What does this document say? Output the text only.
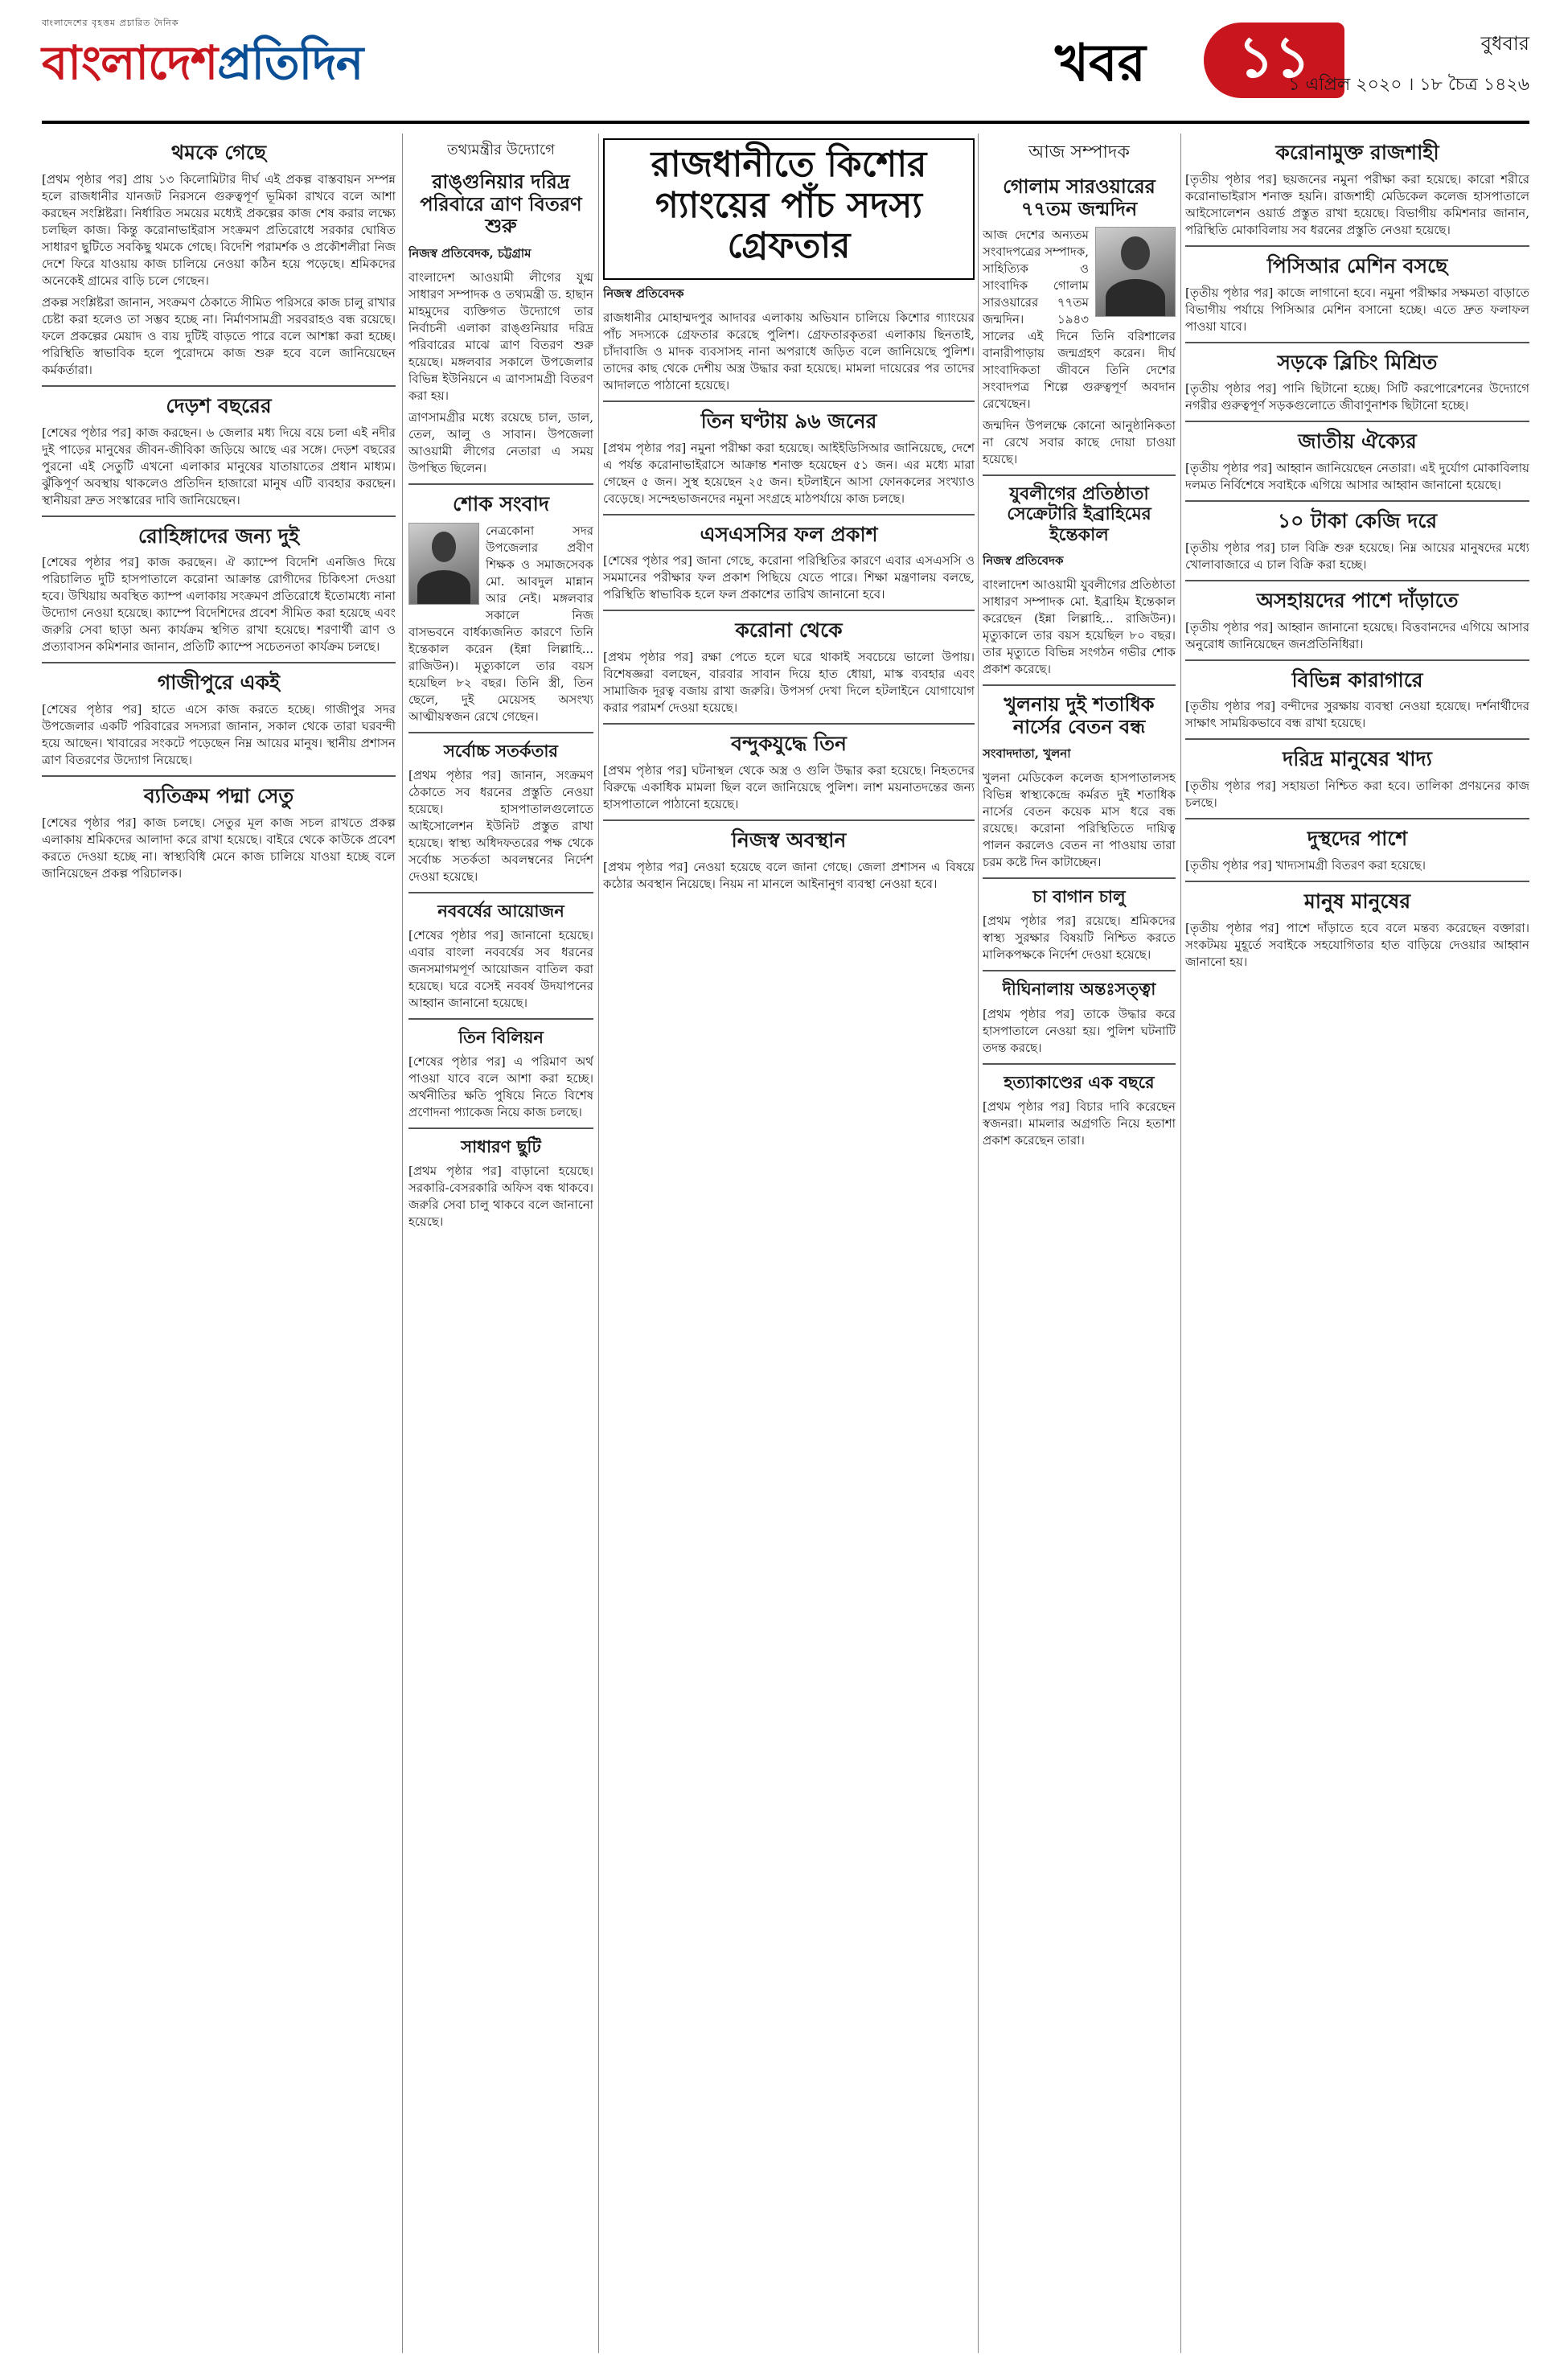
বাংলাদেশের বৃহত্তম প্রচারিত দৈনিক
বাংলাদেশপ্রতিদিন	খবর	১১	বুধবার
১ এপ্রিল ২০২০ । ১৮ চৈত্র ১৪২৬
থমকে গেছে

[প্রথম পৃষ্ঠার পর] প্রায় ১৩ কিলোমিটার দীর্ঘ এই প্রকল্প বাস্তবায়ন সম্পন্ন হলে রাজধানীর যানজট নিরসনে গুরুত্বপূর্ণ ভূমিকা রাখবে বলে আশা করছেন সংশ্লিষ্টরা। নির্ধারিত সময়ের মধ্যেই প্রকল্পের কাজ শেষ করার লক্ষ্যে চলছিল কাজ। কিন্তু করোনাভাইরাস সংক্রমণ প্রতিরোধে সরকার ঘোষিত সাধারণ ছুটিতে সবকিছু থমকে গেছে। বিদেশি পরামর্শক ও প্রকৌশলীরা নিজ দেশে ফিরে যাওয়ায় কাজ চালিয়ে নেওয়া কঠিন হয়ে পড়েছে। শ্রমিকদের অনেকেই গ্রামের বাড়ি চলে গেছেন।

প্রকল্প সংশ্লিষ্টরা জানান, সংক্রমণ ঠেকাতে সীমিত পরিসরে কাজ চালু রাখার চেষ্টা করা হলেও তা সম্ভব হচ্ছে না। নির্মাণসামগ্রী সরবরাহও বন্ধ রয়েছে। ফলে প্রকল্পের মেয়াদ ও ব্যয় দুটিই বাড়তে পারে বলে আশঙ্কা করা হচ্ছে। পরিস্থিতি স্বাভাবিক হলে পুরোদমে কাজ শুরু হবে বলে জানিয়েছেন কর্মকর্তারা।

দেড়শ বছরের

[শেষের পৃষ্ঠার পর] কাজ করছেন। ৬ জেলার মধ্য দিয়ে বয়ে চলা এই নদীর দুই পাড়ের মানুষের জীবন-জীবিকা জড়িয়ে আছে এর সঙ্গে। দেড়শ বছরের পুরনো এই সেতুটি এখনো এলাকার মানুষের যাতায়াতের প্রধান মাধ্যম। ঝুঁকিপূর্ণ অবস্থায় থাকলেও প্রতিদিন হাজারো মানুষ এটি ব্যবহার করছেন। স্থানীয়রা দ্রুত সংস্কারের দাবি জানিয়েছেন।

রোহিঙ্গাদের জন্য দুই

[শেষের পৃষ্ঠার পর] কাজ করছেন। ঐ ক্যাম্পে বিদেশি এনজিও দিয়ে পরিচালিত দুটি হাসপাতালে করোনা আক্রান্ত রোগীদের চিকিৎসা দেওয়া হবে। উখিয়ায় অবস্থিত ক্যাম্প এলাকায় সংক্রমণ প্রতিরোধে ইতোমধ্যে নানা উদ্যোগ নেওয়া হয়েছে। ক্যাম্পে বিদেশিদের প্রবেশ সীমিত করা হয়েছে এবং জরুরি সেবা ছাড়া অন্য কার্যক্রম স্থগিত রাখা হয়েছে। শরণার্থী ত্রাণ ও প্রত্যাবাসন কমিশনার জানান, প্রতিটি ক্যাম্পে সচেতনতা কার্যক্রম চলছে।

গাজীপুরে একই

[শেষের পৃষ্ঠার পর] হাতে এসে কাজ করতে হচ্ছে। গাজীপুর সদর উপজেলার একটি পরিবারের সদস্যরা জানান, সকাল থেকে তারা ঘরবন্দী হয়ে আছেন। খাবারের সংকটে পড়েছেন নিম্ন আয়ের মানুষ। স্থানীয় প্রশাসন ত্রাণ বিতরণের উদ্যোগ নিয়েছে।

ব্যতিক্রম পদ্মা সেতু

[শেষের পৃষ্ঠার পর] কাজ চলছে। সেতুর মূল কাজ সচল রাখতে প্রকল্প এলাকায় শ্রমিকদের আলাদা করে রাখা হয়েছে। বাইরে থেকে কাউকে প্রবেশ করতে দেওয়া হচ্ছে না। স্বাস্থ্যবিধি মেনে কাজ চালিয়ে যাওয়া হচ্ছে বলে জানিয়েছেন প্রকল্প পরিচালক।

তথ্যমন্ত্রীর উদ্যোগে
রাঙ্গুনিয়ার দরিদ্র পরিবারে ত্রাণ বিতরণ শুরু
নিজস্ব প্রতিবেদক, চট্টগ্রাম

বাংলাদেশ আওয়ামী লীগের যুগ্ম সাধারণ সম্পাদক ও তথ্যমন্ত্রী ড. হাছান মাহমুদের ব্যক্তিগত উদ্যোগে তার নির্বাচনী এলাকা রাঙ্গুনিয়ার দরিদ্র পরিবারের মাঝে ত্রাণ বিতরণ শুরু হয়েছে। মঙ্গলবার সকালে উপজেলার বিভিন্ন ইউনিয়নে এ ত্রাণসামগ্রী বিতরণ করা হয়।

ত্রাণসামগ্রীর মধ্যে রয়েছে চাল, ডাল, তেল, আলু ও সাবান। উপজেলা আওয়ামী লীগের নেতারা এ সময় উপস্থিত ছিলেন।

শোক সংবাদ

নেত্রকোনা সদর উপজেলার প্রবীণ শিক্ষক ও সমাজসেবক মো. আবদুল মান্নান আর নেই। মঙ্গলবার সকালে নিজ বাসভবনে বার্ধক্যজনিত কারণে তিনি ইন্তেকাল করেন (ইন্না লিল্লাহি... রাজিউন)। মৃত্যুকালে তার বয়স হয়েছিল ৮২ বছর। তিনি স্ত্রী, তিন ছেলে, দুই মেয়েসহ অসংখ্য আত্মীয়স্বজন রেখে গেছেন।

সর্বোচ্চ সতর্কতার

[প্রথম পৃষ্ঠার পর] জানান, সংক্রমণ ঠেকাতে সব ধরনের প্রস্তুতি নেওয়া হয়েছে। হাসপাতালগুলোতে আইসোলেশন ইউনিট প্রস্তুত রাখা হয়েছে। স্বাস্থ্য অধিদফতরের পক্ষ থেকে সর্বোচ্চ সতর্কতা অবলম্বনের নির্দেশ দেওয়া হয়েছে।

নববর্ষের আয়োজন

[শেষের পৃষ্ঠার পর] জানানো হয়েছে। এবার বাংলা নববর্ষের সব ধরনের জনসমাগমপূর্ণ আয়োজন বাতিল করা হয়েছে। ঘরে বসেই নববর্ষ উদযাপনের আহ্বান জানানো হয়েছে।

তিন বিলিয়ন

[শেষের পৃষ্ঠার পর] এ পরিমাণ অর্থ পাওয়া যাবে বলে আশা করা হচ্ছে। অর্থনীতির ক্ষতি পুষিয়ে নিতে বিশেষ প্রণোদনা প্যাকেজ নিয়ে কাজ চলছে।

সাধারণ ছুটি

[প্রথম পৃষ্ঠার পর] বাড়ানো হয়েছে। সরকারি-বেসরকারি অফিস বন্ধ থাকবে। জরুরি সেবা চালু থাকবে বলে জানানো হয়েছে।

রাজধানীতে কিশোর গ্যাংয়ের পাঁচ সদস্য গ্রেফতার
নিজস্ব প্রতিবেদক

রাজধানীর মোহাম্মদপুর আদাবর এলাকায় অভিযান চালিয়ে কিশোর গ্যাংয়ের পাঁচ সদস্যকে গ্রেফতার করেছে পুলিশ। গ্রেফতারকৃতরা এলাকায় ছিনতাই, চাঁদাবাজি ও মাদক ব্যবসাসহ নানা অপরাধে জড়িত বলে জানিয়েছে পুলিশ। তাদের কাছ থেকে দেশীয় অস্ত্র উদ্ধার করা হয়েছে। মামলা দায়েরের পর তাদের আদালতে পাঠানো হয়েছে।

তিন ঘণ্টায় ৯৬ জনের

[প্রথম পৃষ্ঠার পর] নমুনা পরীক্ষা করা হয়েছে। আইইডিসিআর জানিয়েছে, দেশে এ পর্যন্ত করোনাভাইরাসে আক্রান্ত শনাক্ত হয়েছেন ৫১ জন। এর মধ্যে মারা গেছেন ৫ জন। সুস্থ হয়েছেন ২৫ জন। হটলাইনে আসা ফোনকলের সংখ্যাও বেড়েছে। সন্দেহভাজনদের নমুনা সংগ্রহে মাঠপর্যায়ে কাজ চলছে।

এসএসসির ফল প্রকাশ

[শেষের পৃষ্ঠার পর] জানা গেছে, করোনা পরিস্থিতির কারণে এবার এসএসসি ও সমমানের পরীক্ষার ফল প্রকাশ পিছিয়ে যেতে পারে। শিক্ষা মন্ত্রণালয় বলছে, পরিস্থিতি স্বাভাবিক হলে ফল প্রকাশের তারিখ জানানো হবে।

করোনা থেকে

[প্রথম পৃষ্ঠার পর] রক্ষা পেতে হলে ঘরে থাকাই সবচেয়ে ভালো উপায়। বিশেষজ্ঞরা বলছেন, বারবার সাবান দিয়ে হাত ধোয়া, মাস্ক ব্যবহার এবং সামাজিক দূরত্ব বজায় রাখা জরুরি। উপসর্গ দেখা দিলে হটলাইনে যোগাযোগ করার পরামর্শ দেওয়া হয়েছে।

বন্দুকযুদ্ধে তিন

[প্রথম পৃষ্ঠার পর] ঘটনাস্থল থেকে অস্ত্র ও গুলি উদ্ধার করা হয়েছে। নিহতদের বিরুদ্ধে একাধিক মামলা ছিল বলে জানিয়েছে পুলিশ। লাশ ময়নাতদন্তের জন্য হাসপাতালে পাঠানো হয়েছে।

নিজস্ব অবস্থান

[প্রথম পৃষ্ঠার পর] নেওয়া হয়েছে বলে জানা গেছে। জেলা প্রশাসন এ বিষয়ে কঠোর অবস্থান নিয়েছে। নিয়ম না মানলে আইনানুগ ব্যবস্থা নেওয়া হবে।

আজ সম্পাদক
গোলাম সারওয়ারের ৭৭তম জন্মদিন

আজ দেশের অন্যতম সংবাদপত্রের সম্পাদক, সাহিত্যিক ও সাংবাদিক গোলাম সারওয়ারের ৭৭তম জন্মদিন। ১৯৪৩ সালের এই দিনে তিনি বরিশালের বানারীপাড়ায় জন্মগ্রহণ করেন। দীর্ঘ সাংবাদিকতা জীবনে তিনি দেশের সংবাদপত্র শিল্পে গুরুত্বপূর্ণ অবদান রেখেছেন।

জন্মদিন উপলক্ষে কোনো আনুষ্ঠানিকতা না রেখে সবার কাছে দোয়া চাওয়া হয়েছে।

যুবলীগের প্রতিষ্ঠাতা সেক্রেটারি ইব্রাহিমের ইন্তেকাল
নিজস্ব প্রতিবেদক

বাংলাদেশ আওয়ামী যুবলীগের প্রতিষ্ঠাতা সাধারণ সম্পাদক মো. ইব্রাহিম ইন্তেকাল করেছেন (ইন্না লিল্লাহি... রাজিউন)। মৃত্যুকালে তার বয়স হয়েছিল ৮০ বছর। তার মৃত্যুতে বিভিন্ন সংগঠন গভীর শোক প্রকাশ করেছে।

খুলনায় দুই শতাধিক নার্সের বেতন বন্ধ
সংবাদদাতা, খুলনা

খুলনা মেডিকেল কলেজ হাসপাতালসহ বিভিন্ন স্বাস্থ্যকেন্দ্রে কর্মরত দুই শতাধিক নার্সের বেতন কয়েক মাস ধরে বন্ধ রয়েছে। করোনা পরিস্থিতিতে দায়িত্ব পালন করলেও বেতন না পাওয়ায় তারা চরম কষ্টে দিন কাটাচ্ছেন।

চা বাগান চালু

[প্রথম পৃষ্ঠার পর] রয়েছে। শ্রমিকদের স্বাস্থ্য সুরক্ষার বিষয়টি নিশ্চিত করতে মালিকপক্ষকে নির্দেশ দেওয়া হয়েছে।

দীঘিনালায় অন্তঃসত্ত্বা

[প্রথম পৃষ্ঠার পর] তাকে উদ্ধার করে হাসপাতালে নেওয়া হয়। পুলিশ ঘটনাটি তদন্ত করছে।

হত্যাকাণ্ডের এক বছরে

[প্রথম পৃষ্ঠার পর] বিচার দাবি করেছেন স্বজনরা। মামলার অগ্রগতি নিয়ে হতাশা প্রকাশ করেছেন তারা।

করোনামুক্ত রাজশাহী

[তৃতীয় পৃষ্ঠার পর] ছয়জনের নমুনা পরীক্ষা করা হয়েছে। কারো শরীরে করোনাভাইরাস শনাক্ত হয়নি। রাজশাহী মেডিকেল কলেজ হাসপাতালে আইসোলেশন ওয়ার্ড প্রস্তুত রাখা হয়েছে। বিভাগীয় কমিশনার জানান, পরিস্থিতি মোকাবিলায় সব ধরনের প্রস্তুতি নেওয়া হয়েছে।

পিসিআর মেশিন বসছে

[তৃতীয় পৃষ্ঠার পর] কাজে লাগানো হবে। নমুনা পরীক্ষার সক্ষমতা বাড়াতে বিভাগীয় পর্যায়ে পিসিআর মেশিন বসানো হচ্ছে। এতে দ্রুত ফলাফল পাওয়া যাবে।

সড়কে ব্লিচিং মিশ্রিত

[তৃতীয় পৃষ্ঠার পর] পানি ছিটানো হচ্ছে। সিটি করপোরেশনের উদ্যোগে নগরীর গুরুত্বপূর্ণ সড়কগুলোতে জীবাণুনাশক ছিটানো হচ্ছে।

জাতীয় ঐক্যের

[তৃতীয় পৃষ্ঠার পর] আহ্বান জানিয়েছেন নেতারা। এই দুর্যোগ মোকাবিলায় দলমত নির্বিশেষে সবাইকে এগিয়ে আসার আহ্বান জানানো হয়েছে।

১০ টাকা কেজি দরে

[তৃতীয় পৃষ্ঠার পর] চাল বিক্রি শুরু হয়েছে। নিম্ন আয়ের মানুষদের মধ্যে খোলাবাজারে এ চাল বিক্রি করা হচ্ছে।

অসহায়দের পাশে দাঁড়াতে

[তৃতীয় পৃষ্ঠার পর] আহ্বান জানানো হয়েছে। বিত্তবানদের এগিয়ে আসার অনুরোধ জানিয়েছেন জনপ্রতিনিধিরা।

বিভিন্ন কারাগারে

[তৃতীয় পৃষ্ঠার পর] বন্দীদের সুরক্ষায় ব্যবস্থা নেওয়া হয়েছে। দর্শনার্থীদের সাক্ষাৎ সাময়িকভাবে বন্ধ রাখা হয়েছে।

দরিদ্র মানুষের খাদ্য

[তৃতীয় পৃষ্ঠার পর] সহায়তা নিশ্চিত করা হবে। তালিকা প্রণয়নের কাজ চলছে।

দুস্থদের পাশে

[তৃতীয় পৃষ্ঠার পর] খাদ্যসামগ্রী বিতরণ করা হয়েছে।

মানুষ মানুষের

[তৃতীয় পৃষ্ঠার পর] পাশে দাঁড়াতে হবে বলে মন্তব্য করেছেন বক্তারা। সংকটময় মুহূর্তে সবাইকে সহযোগিতার হাত বাড়িয়ে দেওয়ার আহ্বান জানানো হয়।
